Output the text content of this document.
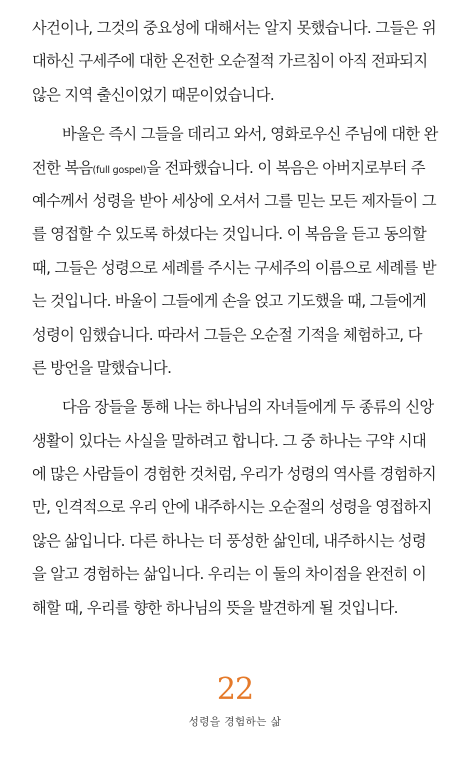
사건이나, 그것의 중요성에 대해서는 알지 못했습니다. 그들은 위
대하신 구세주에 대한 온전한 오순절적 가르침이 아직 전파되지
않은 지역 출신이었기 때문이었습니다.
바울은 즉시 그들을 데리고 와서, 영화로우신 주님에 대한 완
전한 복음(full gospel)을 전파했습니다. 이 복음은 아버지로부터 주
예수께서 성령을 받아 세상에 오셔서 그를 믿는 모든 제자들이 그
를 영접할 수 있도록 하셨다는 것입니다. 이 복음을 듣고 동의할
때, 그들은 성령으로 세례를 주시는 구세주의 이름으로 세례를 받
는 것입니다. 바울이 그들에게 손을 얹고 기도했을 때, 그들에게
성령이 임했습니다. 따라서 그들은 오순절 기적을 체험하고, 다
른 방언을 말했습니다.
다음 장들을 통해 나는 하나님의 자녀들에게 두 종류의 신앙
생활이 있다는 사실을 말하려고 합니다. 그 중 하나는 구약 시대
에 많은 사람들이 경험한 것처럼, 우리가 성령의 역사를 경험하지
만, 인격적으로 우리 안에 내주하시는 오순절의 성령을 영접하지
않은 삶입니다. 다른 하나는 더 풍성한 삶인데, 내주하시는 성령
을 알고 경험하는 삶입니다. 우리는 이 둘의 차이점을 완전히 이
해할 때, 우리를 향한 하나님의 뜻을 발견하게 될 것입니다.
22
성령을 경험하는 삶
